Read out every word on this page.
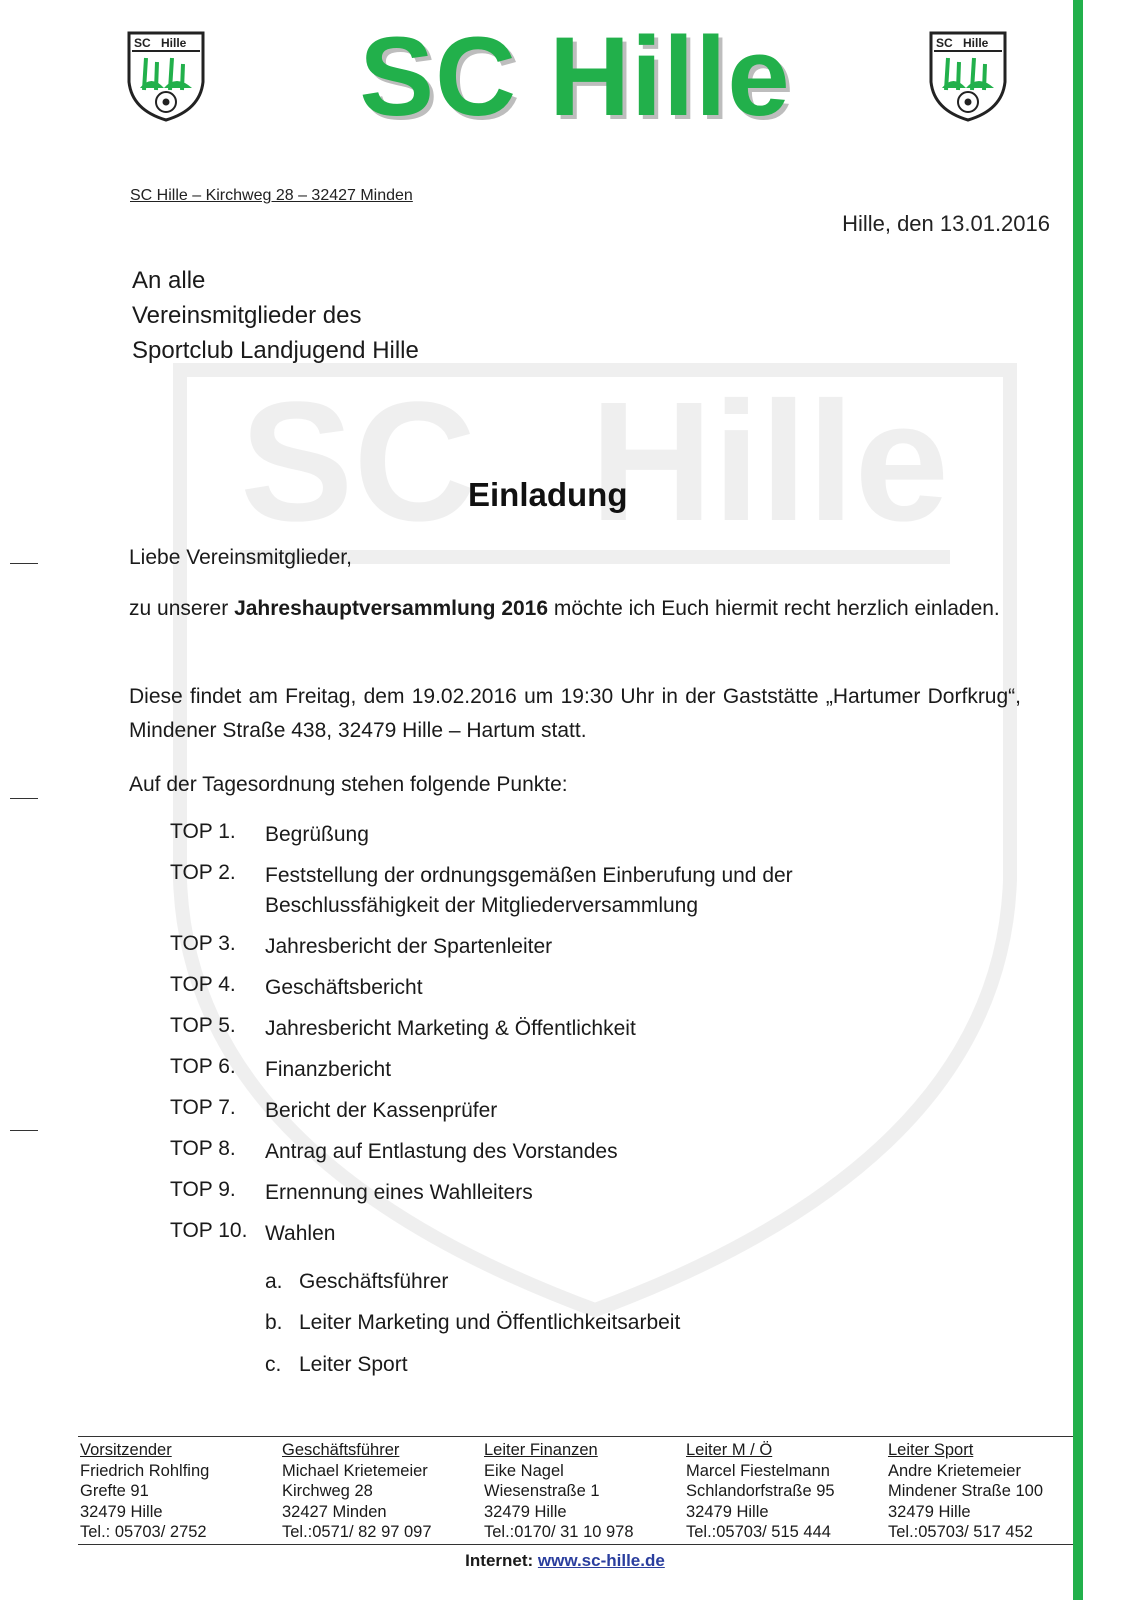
SC Hille
SC Hille	SC Hille
SC Hille
SC Hille – Kirchweg 28 – 32427 Minden
Hille, den 13.01.2016
An alle
Vereinsmitglieder des
Sportclub Landjugend Hille
Einladung
Liebe Vereinsmitglieder,
zu unserer Jahreshauptversammlung 2016 möchte ich Euch hiermit recht herzlich einladen.
Diese findet am Freitag, dem 19.02.2016 um 19:30 Uhr in der Gaststätte „Hartumer Dorfkrug“, Mindener Straße 438, 32479 Hille – Hartum statt.
Auf der Tagesordnung stehen folgende Punkte:
TOP 1.	Begrüßung
TOP 2.	Feststellung der ordnungsgemäßen Einberufung und der Beschlussfähigkeit der Mitgliederversammlung
TOP 3.	Jahresbericht der Spartenleiter
TOP 4.	Geschäftsbericht
TOP 5.	Jahresbericht Marketing & Öffentlichkeit
TOP 6.	Finanzbericht
TOP 7.	Bericht der Kassenprüfer
TOP 8.	Antrag auf Entlastung des Vorstandes
TOP 9.	Ernennung eines Wahlleiters
TOP 10. Wahlen
a. Geschäftsführer
b. Leiter Marketing und Öffentlichkeitsarbeit
c. Leiter Sport
Vorsitzender
Friedrich Rohlfing
Grefte 91
32479 Hille
Tel.: 05703/ 2752
Geschäftsführer
Michael Krietemeier
Kirchweg 28
32427 Minden
Tel.:0571/ 82 97 097
Leiter Finanzen
Eike Nagel
Wiesenstraße 1
32479 Hille
Tel.:0170/ 31 10 978
Leiter M / Ö
Marcel Fiestelmann
Schlandorfstraße 95
32479 Hille
Tel.:05703/ 515 444
Leiter Sport
Andre Krietemeier
Mindener Straße 100
32479 Hille
Tel.:05703/ 517 452
Internet: www.sc-hille.de
